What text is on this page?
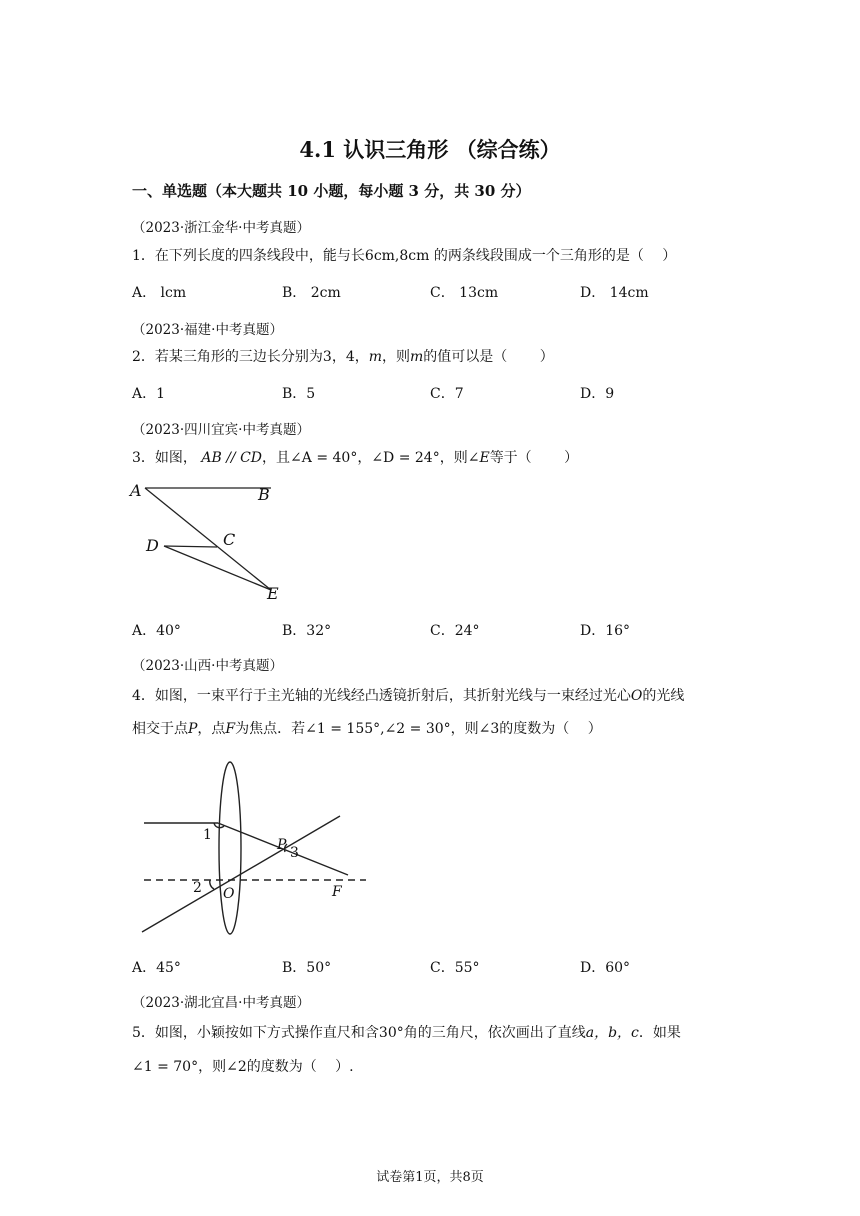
4.1 认识三角形 （综合练）
一、单选题（本大题共 10 小题，每小题 3 分，共 30 分）
（2023·浙江金华·中考真题）
1．在下列长度的四条线段中，能与长6cm,8cm 的两条线段围成一个三角形的是（　 ）
A． lcm	B． 2cm	C． 13cm	D． 14cm
（2023·福建·中考真题）
2．若某三角形的三边长分别为3，4，m，则m的值可以是（　　 ）
A．1	B．5	C．7	D．9
（2023·四川宜宾·中考真题）
3．如图， AB // CD，且∠A = 40°，∠D = 24°，则∠E等于（　　 ）
A	B
C
D
E
A．40°	B．32°	C．24°	D．16°
（2023·山西·中考真题）
4．如图，一束平行于主光轴的光线经凸透镜折射后，其折射光线与一束经过光心O的光线
相交于点P，点F为焦点．若∠1 = 155°,∠2 = 30°，则∠3的度数为（　 ）
1
2
3
O
P
F
A．45°	B．50°	C．55°	D．60°
（2023·湖北宜昌·中考真题）
5．如图，小颖按如下方式操作直尺和含30°角的三角尺，依次画出了直线a，b，c．如果
∠1 = 70°，则∠2的度数为（　 ）.
试卷第1页，共8页
